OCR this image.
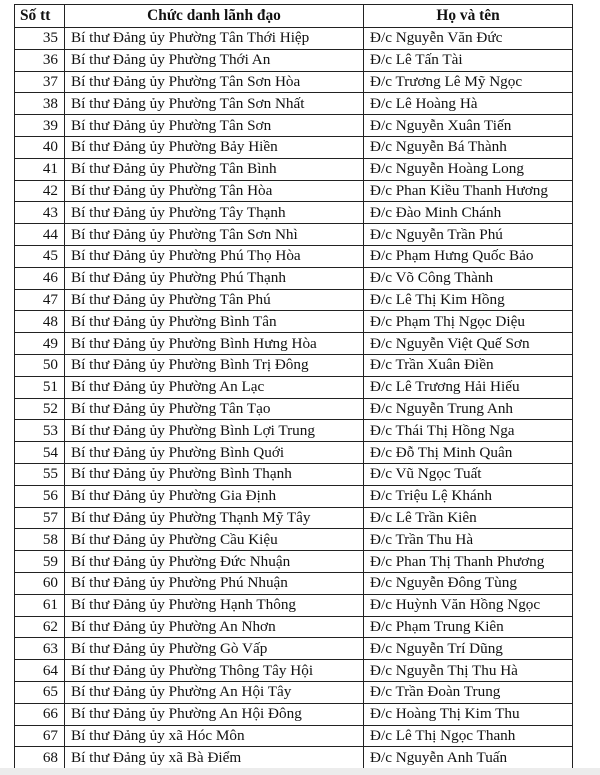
Số tt	Chức danh lãnh đạo	Họ và tên
35	Bí thư Đảng ủy Phường Tân Thới Hiệp	Đ/c Nguyễn Văn Đức
36	Bí thư Đảng ủy Phường Thới An	Đ/c Lê Tấn Tài
37	Bí thư Đảng ủy Phường Tân Sơn Hòa	Đ/c Trương Lê Mỹ Ngọc
38	Bí thư Đảng ủy Phường Tân Sơn Nhất	Đ/c Lê Hoàng Hà
39	Bí thư Đảng ủy Phường Tân Sơn	Đ/c Nguyễn Xuân Tiến
40	Bí thư Đảng ủy Phường Bảy Hiền	Đ/c Nguyễn Bá Thành
41	Bí thư Đảng ủy Phường Tân Bình	Đ/c Nguyễn Hoàng Long
42	Bí thư Đảng ủy Phường Tân Hòa	Đ/c Phan Kiều Thanh Hương
43	Bí thư Đảng ủy Phường Tây Thạnh	Đ/c Đào Minh Chánh
44	Bí thư Đảng ủy Phường Tân Sơn Nhì	Đ/c Nguyễn Trần Phú
45	Bí thư Đảng ủy Phường Phú Thọ Hòa	Đ/c Phạm Hưng Quốc Bảo
46	Bí thư Đảng ủy Phường Phú Thạnh	Đ/c Võ Công Thành
47	Bí thư Đảng ủy Phường Tân Phú	Đ/c Lê Thị Kim Hồng
48	Bí thư Đảng ủy Phường Bình Tân	Đ/c Phạm Thị Ngọc Diệu
49	Bí thư Đảng ủy Phường Bình Hưng Hòa	Đ/c Nguyễn Việt Quế Sơn
50	Bí thư Đảng ủy Phường Bình Trị Đông	Đ/c Trần Xuân Điền
51	Bí thư Đảng ủy Phường An Lạc	Đ/c Lê Trương Hải Hiếu
52	Bí thư Đảng ủy Phường Tân Tạo	Đ/c Nguyễn Trung Anh
53	Bí thư Đảng ủy Phường Bình Lợi Trung	Đ/c Thái Thị Hồng Nga
54	Bí thư Đảng ủy Phường Bình Quới	Đ/c Đỗ Thị Minh Quân
55	Bí thư Đảng ủy Phường Bình Thạnh	Đ/c Vũ Ngọc Tuất
56	Bí thư Đảng ủy Phường Gia Định	Đ/c Triệu Lệ Khánh
57	Bí thư Đảng ủy Phường Thạnh Mỹ Tây	Đ/c Lê Trần Kiên
58	Bí thư Đảng ủy Phường Cầu Kiệu	Đ/c Trần Thu Hà
59	Bí thư Đảng ủy Phường Đức Nhuận	Đ/c Phan Thị Thanh Phương
60	Bí thư Đảng ủy Phường Phú Nhuận	Đ/c Nguyễn Đông Tùng
61	Bí thư Đảng ủy Phường Hạnh Thông	Đ/c Huỳnh Văn Hồng Ngọc
62	Bí thư Đảng ủy Phường An Nhơn	Đ/c Phạm Trung Kiên
63	Bí thư Đảng ủy Phường Gò Vấp	Đ/c Nguyễn Trí Dũng
64	Bí thư Đảng ủy Phường Thông Tây Hội	Đ/c Nguyễn Thị Thu Hà
65	Bí thư Đảng ủy Phường An Hội Tây	Đ/c Trần Đoàn Trung
66	Bí thư Đảng ủy Phường An Hội Đông	Đ/c Hoàng Thị Kim Thu
67	Bí thư Đảng ủy xã Hóc Môn	Đ/c Lê Thị Ngọc Thanh
68	Bí thư Đảng ủy xã Bà Điểm	Đ/c Nguyễn Anh Tuấn
